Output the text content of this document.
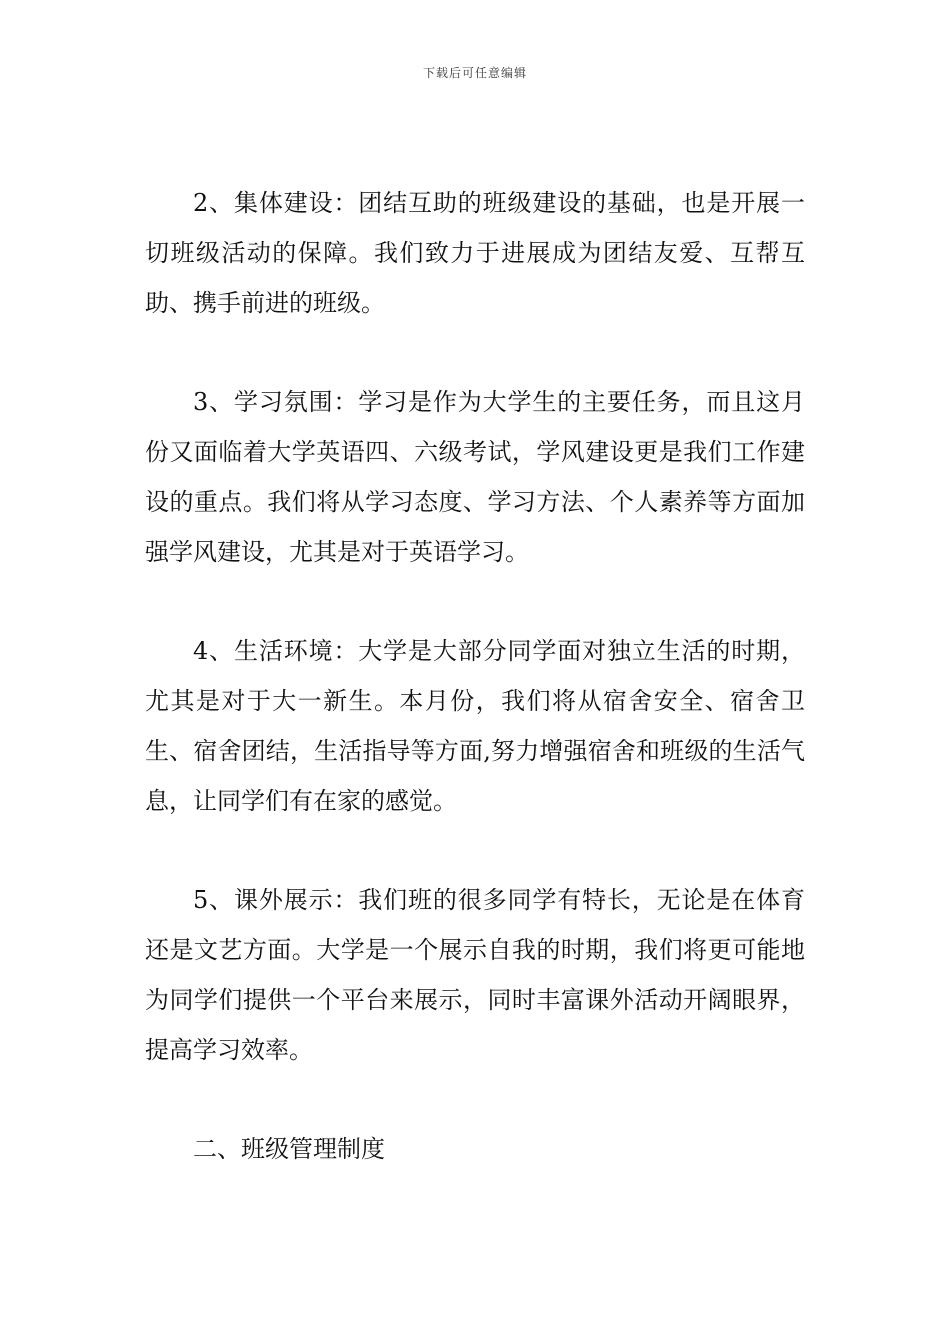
下载后可任意编辑

2、集体建设：团结互助的班级建设的基础，也是开展一切班级活动的保障。我们致力于进展成为团结友爱、互帮互助、携手前进的班级。

3、学习氛围：学习是作为大学生的主要任务，而且这月份又面临着大学英语四、六级考试，学风建设更是我们工作建设的重点。我们将从学习态度、学习方法、个人素养等方面加强学风建设，尤其是对于英语学习。

4、生活环境：大学是大部分同学面对独立生活的时期，尤其是对于大一新生。本月份，我们将从宿舍安全、宿舍卫生、宿舍团结，生活指导等方面,努力增强宿舍和班级的生活气息，让同学们有在家的感觉。

5、课外展示：我们班的很多同学有特长，无论是在体育还是文艺方面。大学是一个展示自我的时期，我们将更可能地为同学们提供一个平台来展示，同时丰富课外活动开阔眼界，提高学习效率。

二、班级管理制度
